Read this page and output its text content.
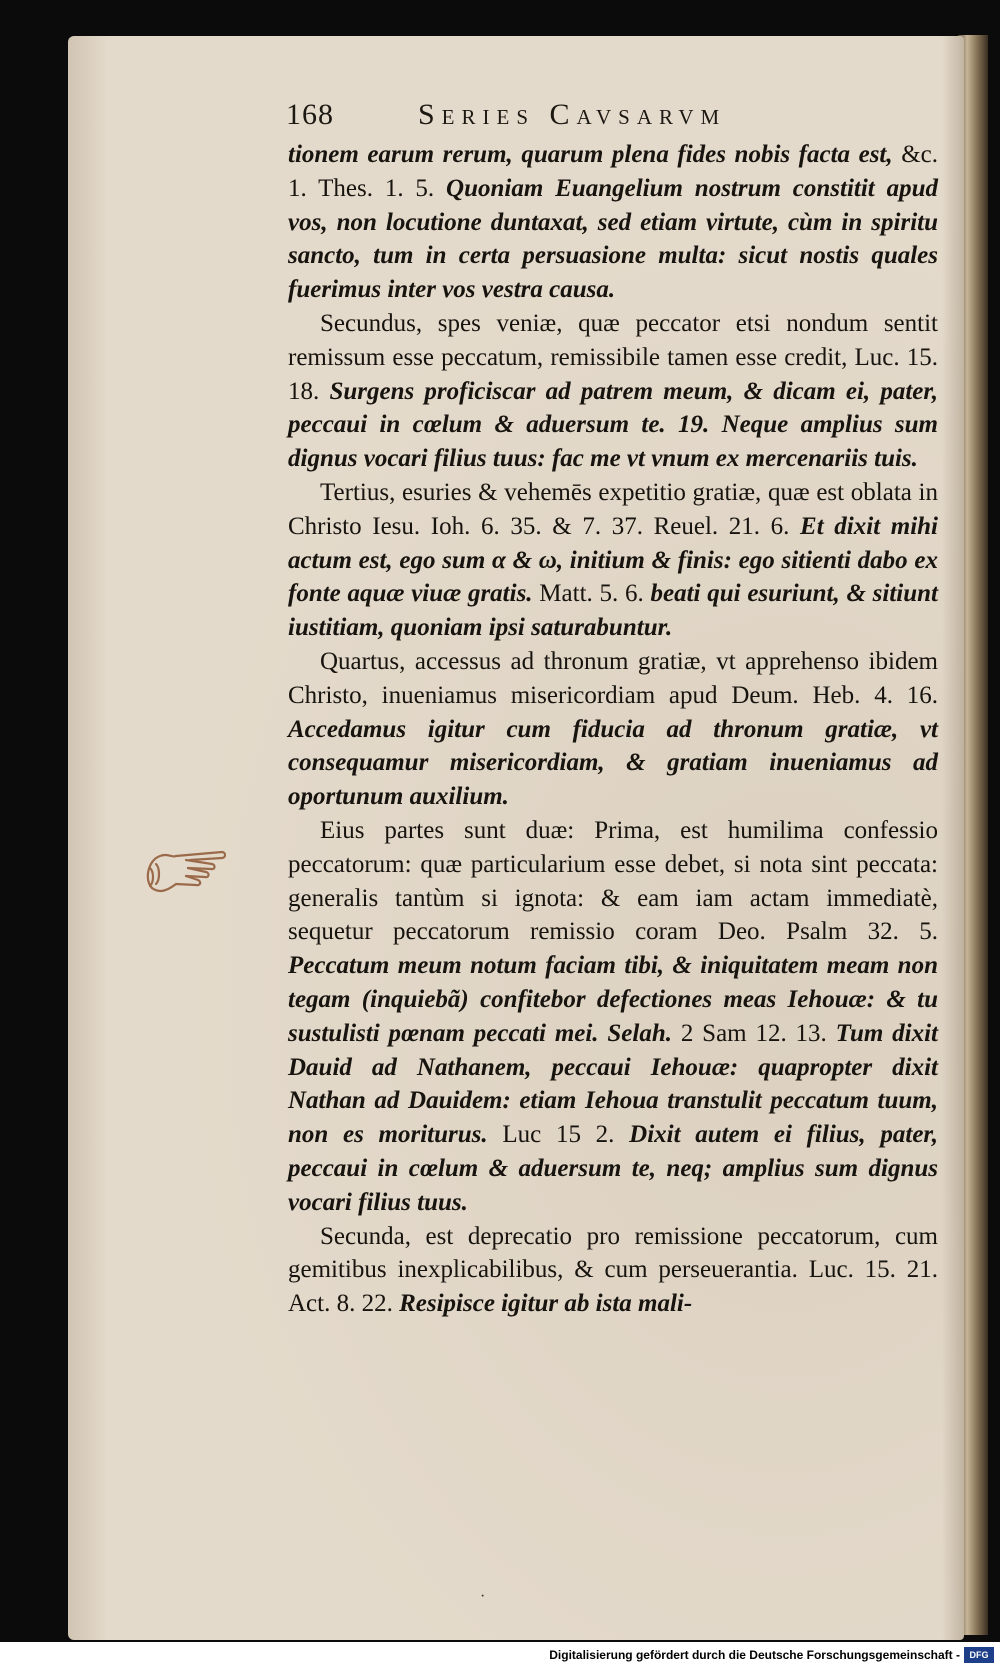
168	Series Cavsarvm

tionem earum rerum, quarum plena fides nobis facta est, &c. 1. Thes. 1. 5. Quoniam Euangelium nostrum constitit apud vos, non locutione duntaxat, sed etiam virtute, cùm in spiritu sancto, tum in certa persuasione multa: sicut nostis quales fuerimus inter vos vestra causa.

Secundus, spes veniæ, quæ peccator etsi nondum sentit remissum esse peccatum, remissibile tamen esse credit, Luc. 15. 18. Surgens proficiscar ad patrem meum, & dicam ei, pater, peccaui in cœlum & aduersum te. 19. Neque amplius sum dignus vocari filius tuus: fac me vt vnum ex mercenariis tuis.

Tertius, esuries & vehemēs expetitio gratiæ, quæ est oblata in Christo Iesu. Ioh. 6. 35. & 7. 37. Reuel. 21. 6. Et dixit mihi actum est, ego sum α & ω, initium & finis: ego sitienti dabo ex fonte aquæ viuæ gratis. Matt. 5. 6. beati qui esuriunt, & sitiunt iustitiam, quoniam ipsi saturabuntur.

Quartus, accessus ad thronum gratiæ, vt apprehenso ibidem Christo, inueniamus misericordiam apud Deum. Heb. 4. 16. Accedamus igitur cum fiducia ad thronum gratiæ, vt consequamur misericordiam, & gratiam inueniamus ad oportunum auxilium.

Eius partes sunt duæ: Prima, est humilima confessio peccatorum: quæ particularium esse debet, si nota sint peccata: generalis tantùm si ignota: & eam iam actam immediatè, sequetur peccatorum remissio coram Deo. Psalm 32. 5. Peccatum meum notum faciam tibi, & iniquitatem meam non tegam (inquiebã) confitebor defectiones meas Iehouæ: & tu sustulisti pœnam peccati mei. Selah. 2 Sam 12. 13. Tum dixit Dauid ad Nathanem, peccaui Iehouæ: quapropter dixit Nathan ad Dauidem: etiam Iehoua transtulit peccatum tuum, non es moriturus. Luc 15 2. Dixit autem ei filius, pater, peccaui in cœlum & aduersum te, neq; amplius sum dignus vocari filius tuus.

Secunda, est deprecatio pro remissione peccatorum, cum gemitibus inexplicabilibus, & cum perseuerantia. Luc. 15. 21. Act. 8. 22. Resipisce igitur ab ista mali-

·
Digitalisierung gefördert durch die Deutsche Forschungsgemeinschaft -	DFG
